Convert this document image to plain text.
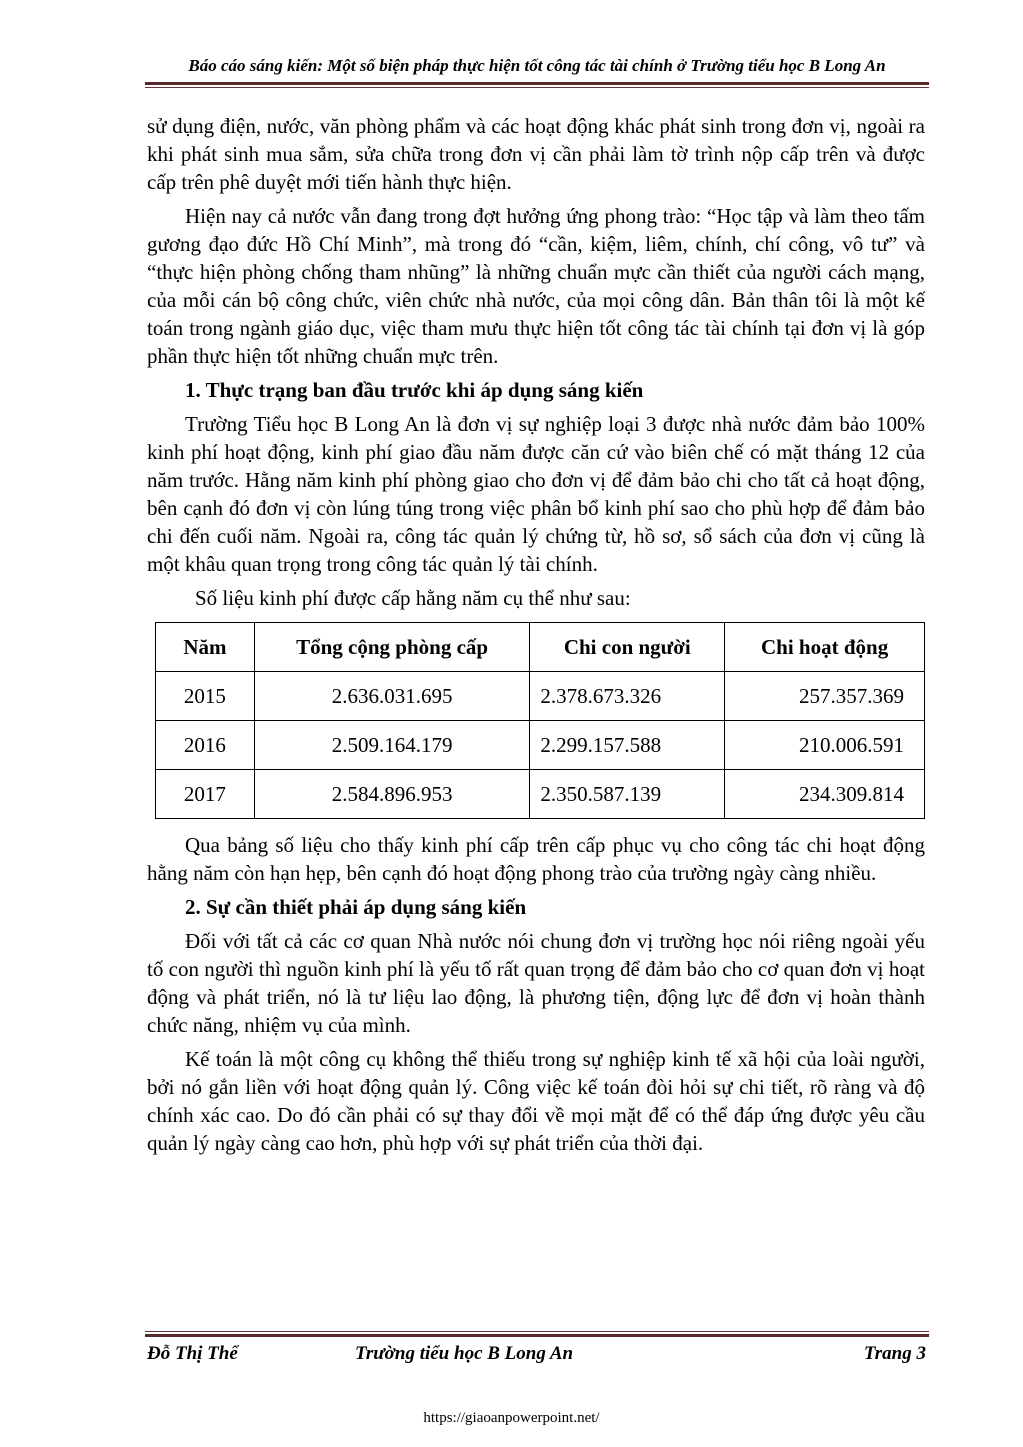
Báo cáo sáng kiến: Một số biện pháp thực hiện tốt công tác tài chính ở Trường tiểu học B Long An

sử dụng điện, nước, văn phòng phẩm và các hoạt động khác phát sinh trong đơn vị, ngoài ra khi phát sinh mua sắm, sửa chữa trong đơn vị cần phải làm tờ trình nộp cấp trên và được cấp trên phê duyệt mới tiến hành thực hiện.

Hiện nay cả nước vẫn đang trong đợt hưởng ứng phong trào: “Học tập và làm theo tấm gương đạo đức Hồ Chí Minh”, mà trong đó “cần, kiệm, liêm, chính, chí công, vô tư” và “thực hiện phòng chống tham nhũng” là những chuẩn mực cần thiết của người cách mạng, của mỗi cán bộ công chức, viên chức nhà nước, của mọi công dân. Bản thân tôi là một kế toán trong ngành giáo dục, việc tham mưu thực hiện tốt công tác tài chính tại đơn vị là góp phần thực hiện tốt những chuẩn mực trên.

1. Thực trạng ban đầu trước khi áp dụng sáng kiến

Trường Tiểu học B Long An là đơn vị sự nghiệp loại 3 được nhà nước đảm bảo 100% kinh phí hoạt động, kinh phí giao đầu năm được căn cứ vào biên chế có mặt tháng 12 của năm trước. Hằng năm kinh phí phòng giao cho đơn vị để đảm bảo chi cho tất cả hoạt động, bên cạnh đó đơn vị còn lúng túng trong việc phân bổ kinh phí sao cho phù hợp để đảm bảo chi đến cuối năm. Ngoài ra, công tác quản lý chứng từ, hồ sơ, sổ sách của đơn vị cũng là một khâu quan trọng trong công tác quản lý tài chính.

Số liệu kinh phí được cấp hằng năm cụ thể như sau:

Năm	Tổng cộng phòng cấp	Chi con người	Chi hoạt động
2015	2.636.031.695	2.378.673.326	257.357.369
2016	2.509.164.179	2.299.157.588	210.006.591
2017	2.584.896.953	2.350.587.139	234.309.814

Qua bảng số liệu cho thấy kinh phí cấp trên cấp phục vụ cho công tác chi hoạt động hằng năm còn hạn hẹp, bên cạnh đó hoạt động phong trào của trường ngày càng nhiều.

2. Sự cần thiết phải áp dụng sáng kiến

Đối với tất cả các cơ quan Nhà nước nói chung đơn vị trường học nói riêng ngoài yếu tố con người thì nguồn kinh phí là yếu tố rất quan trọng để đảm bảo cho cơ quan đơn vị hoạt động và phát triển, nó là tư liệu lao động, là phương tiện, động lực để đơn vị hoàn thành chức năng, nhiệm vụ của mình.

Kế toán là một công cụ không thể thiếu trong sự nghiệp kinh tế xã hội của loài người, bởi nó gắn liền với hoạt động quản lý. Công việc kế toán đòi hỏi sự chi tiết, rõ ràng và độ chính xác cao. Do đó cần phải có sự thay đổi về mọi mặt để có thể đáp ứng được yêu cầu quản lý ngày càng cao hơn, phù hợp với sự phát triển của thời đại.

Đỗ Thị Thể	Trường tiểu học B Long An	Trang 3
https://giaoanpowerpoint.net/
